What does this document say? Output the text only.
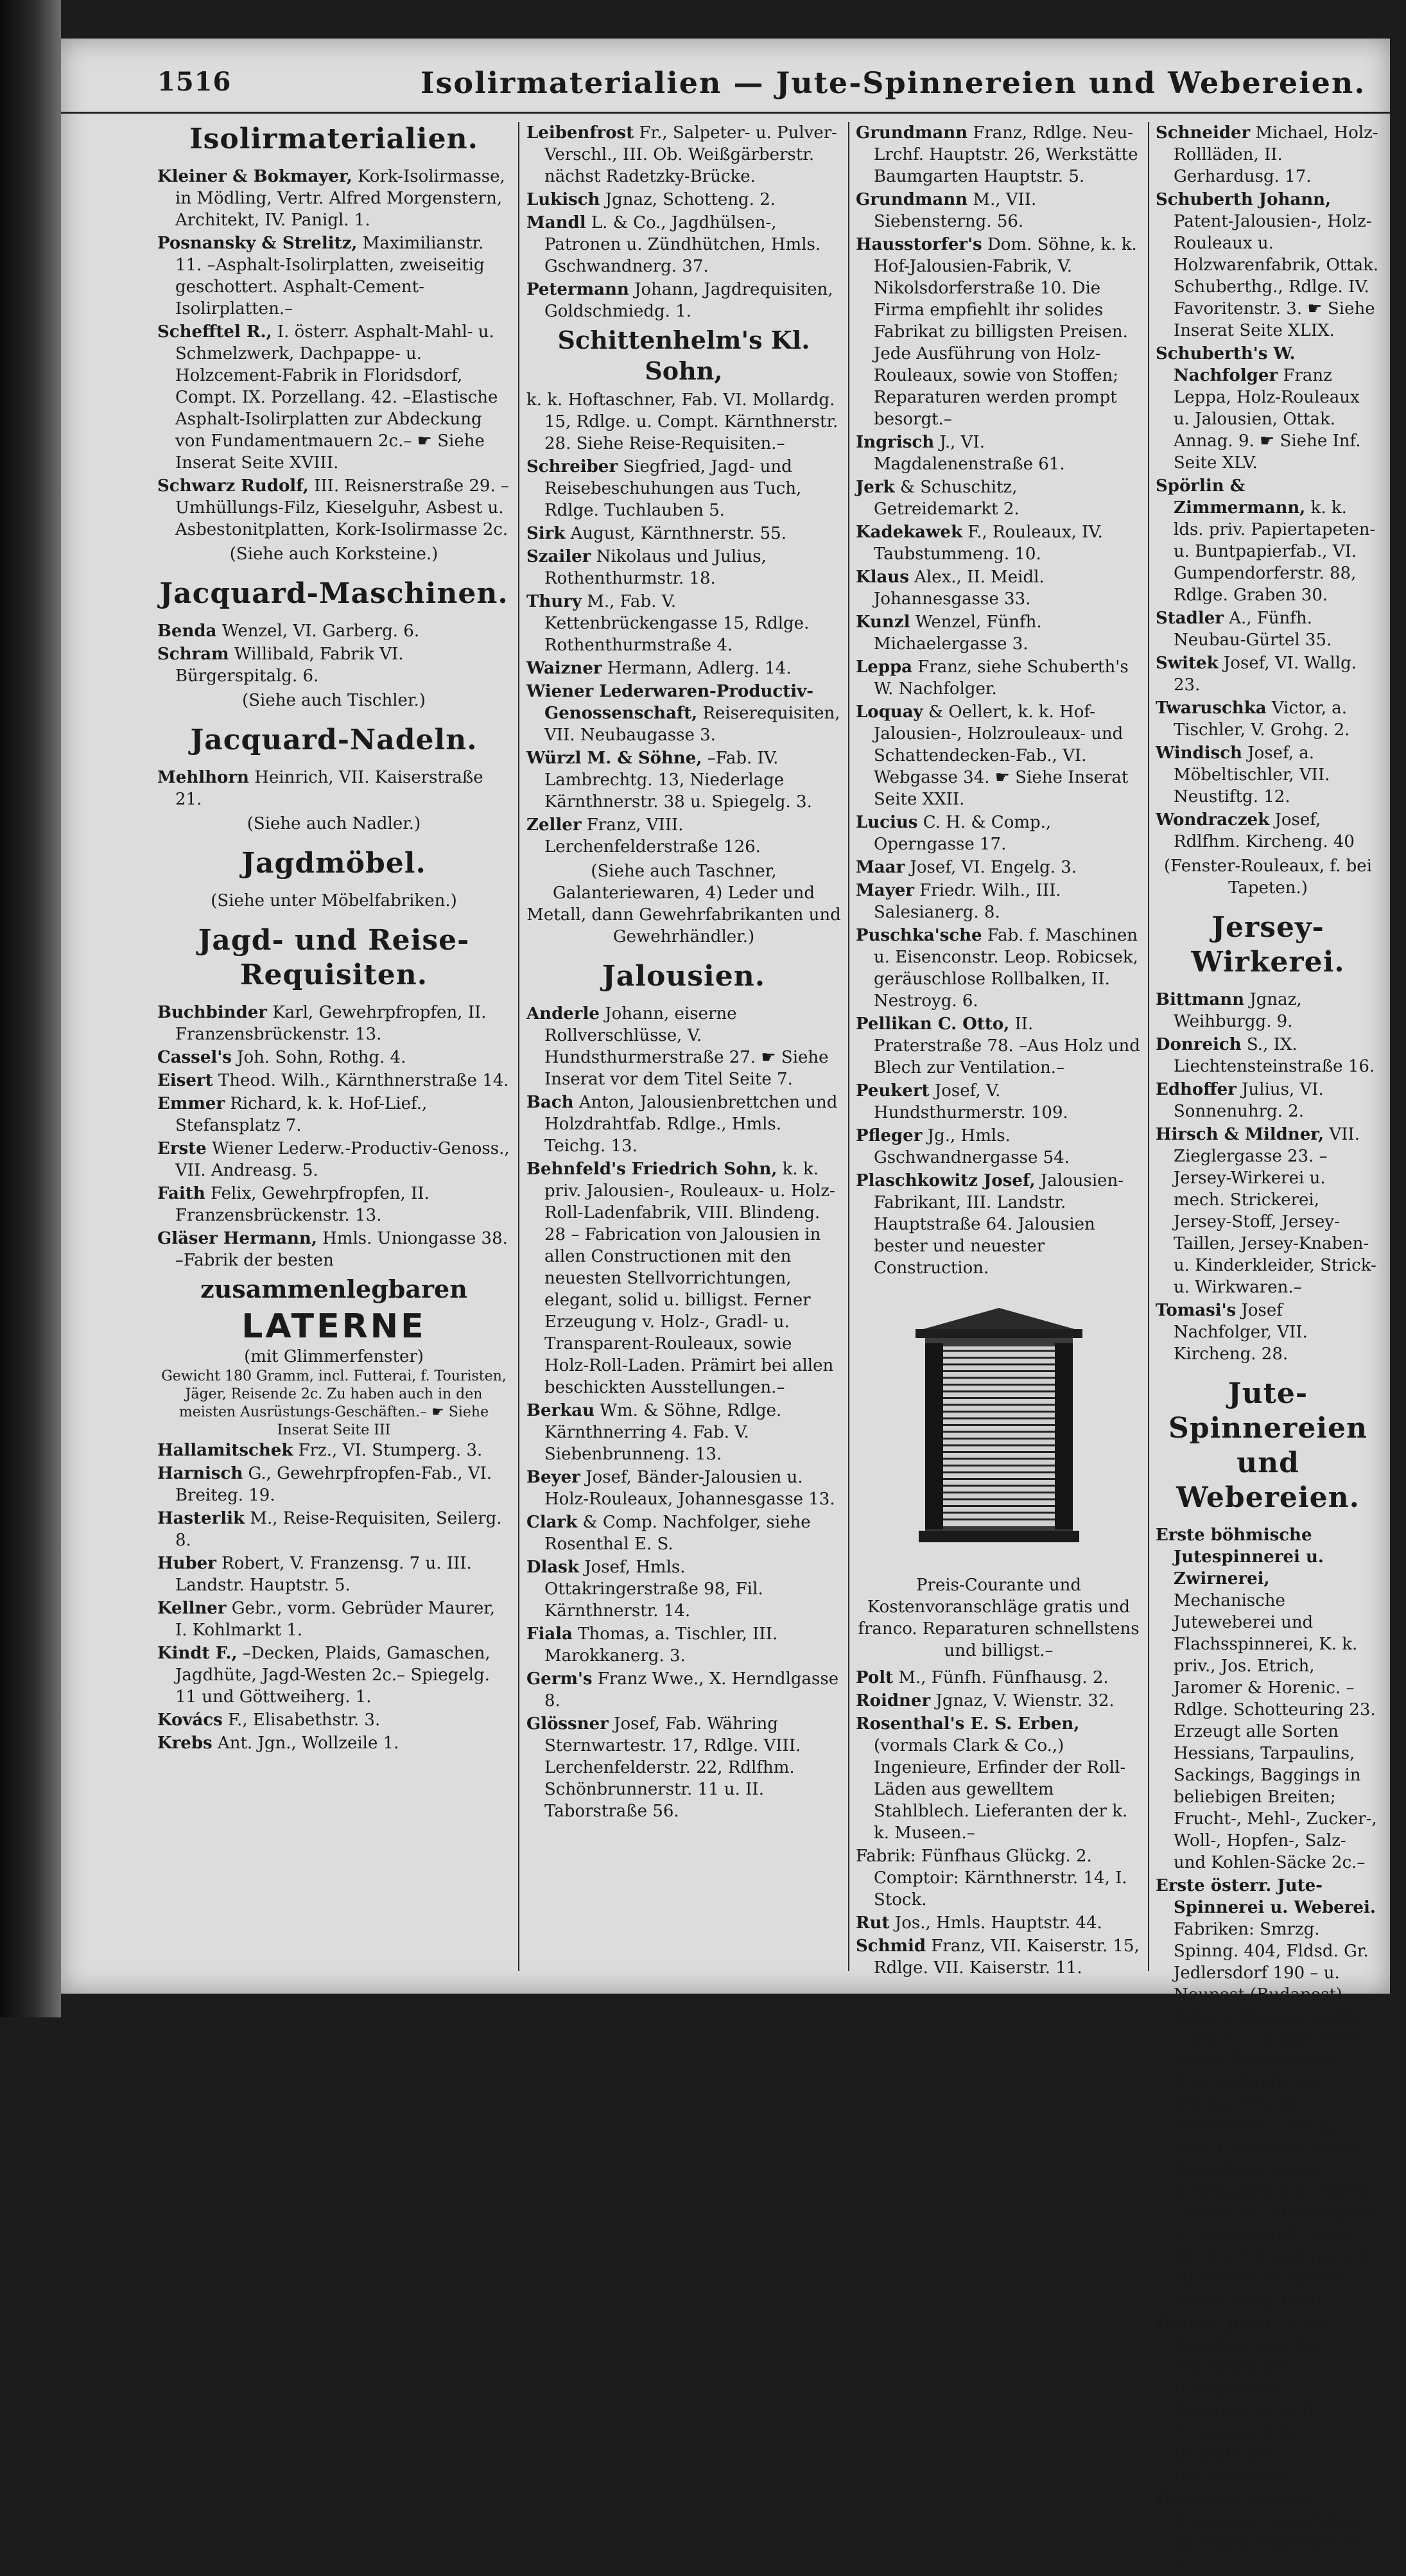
1516	Isolirmaterialien — Jute-Spinnereien und Webereien.
Isolirmaterialien.
Kleiner & Bokmayer, Kork-Isolirmasse, in Mödling, Vertr. Alfred Morgenstern, Architekt, IV. Panigl. 1.
Posnansky & Strelitz, Maximilianstr. 11. –Asphalt-Isolirplatten, zweiseitig geschottert. Asphalt-Cement-Isolirplatten.–
Schefftel R., I. österr. Asphalt-Mahl- u. Schmelzwerk, Dachpappe- u. Holzcement-Fabrik in Floridsdorf, Compt. IX. Porzellang. 42. –Elastische Asphalt-Isolirplatten zur Abdeckung von Fundamentmauern 2c.– ☛ Siehe Inserat Seite XVIII.
Schwarz Rudolf, III. Reisnerstraße 29. –Umhüllungs-Filz, Kieselguhr, Asbest u. Asbestonitplatten, Kork-Isolirmasse 2c.
(Siehe auch Korksteine.)
Jacquard-Maschinen.
Benda Wenzel, VI. Garberg. 6.
Schram Willibald, Fabrik VI. Bürgerspitalg. 6.
(Siehe auch Tischler.)
Jacquard-Nadeln.
Mehlhorn Heinrich, VII. Kaiserstraße 21.
(Siehe auch Nadler.)
Jagdmöbel.
(Siehe unter Möbelfabriken.)
Jagd- und Reise-Requisiten.
Buchbinder Karl, Gewehrpfropfen, II. Franzensbrückenstr. 13.
Cassel's Joh. Sohn, Rothg. 4.
Eisert Theod. Wilh., Kärnthnerstraße 14.
Emmer Richard, k. k. Hof-Lief., Stefansplatz 7.
Erste Wiener Lederw.-Productiv-Genoss., VII. Andreasg. 5.
Faith Felix, Gewehrpfropfen, II. Franzensbrückenstr. 13.
Gläser Hermann, Hmls. Uniongasse 38. –Fabrik der besten
zusammenlegbaren
LATERNE
(mit Glimmerfenster)
Gewicht 180 Gramm, incl. Futterai, f. Touristen, Jäger, Reisende 2c. Zu haben auch in den meisten Ausrüstungs-Geschäften.– ☛ Siehe Inserat Seite III
Hallamitschek Frz., VI. Stumperg. 3.
Harnisch G., Gewehrpfropfen-Fab., VI. Breiteg. 19.
Hasterlik M., Reise-Requisiten, Seilerg. 8.
Huber Robert, V. Franzensg. 7 u. III. Landstr. Hauptstr. 5.
Kellner Gebr., vorm. Gebrüder Maurer, I. Kohlmarkt 1.
Kindt F., –Decken, Plaids, Gamaschen, Jagdhüte, Jagd-Westen 2c.– Spiegelg. 11 und Göttweiherg. 1.
Kovács F., Elisabethstr. 3.
Krebs Ant. Jgn., Wollzeile 1.
Leibenfrost Fr., Salpeter- u. Pulver-Verschl., III. Ob. Weißgärberstr. nächst Radetzky-Brücke.
Lukisch Jgnaz, Schotteng. 2.
Mandl L. & Co., Jagdhülsen-, Patronen u. Zündhütchen, Hmls. Gschwandnerg. 37.
Petermann Johann, Jagdrequisiten, Goldschmiedg. 1.
Schittenhelm's Kl. Sohn,
k. k. Hoftaschner, Fab. VI. Mollardg. 15, Rdlge. u. Compt. Kärnthnerstr. 28. Siehe Reise-Requisiten.–
Schreiber Siegfried, Jagd- und Reisebeschuhungen aus Tuch, Rdlge. Tuchlauben 5.
Sirk August, Kärnthnerstr. 55.
Szailer Nikolaus und Julius, Rothenthurmstr. 18.
Thury M., Fab. V. Kettenbrückengasse 15, Rdlge. Rothenthurmstraße 4.
Waizner Hermann, Adlerg. 14.
Wiener Lederwaren-Productiv-Genossenschaft, Reiserequisiten, VII. Neubaugasse 3.
Würzl M. & Söhne, –Fab. IV. Lambrechtg. 13, Niederlage Kärnthnerstr. 38 u. Spiegelg. 3.
Zeller Franz, VIII. Lerchenfelderstraße 126.
(Siehe auch Taschner, Galanteriewaren, 4) Leder und Metall, dann Gewehrfabrikanten und Gewehrhändler.)
Jalousien.
Anderle Johann, eiserne Rollverschlüsse, V. Hundsthurmerstraße 27. ☛ Siehe Inserat vor dem Titel Seite 7.
Bach Anton, Jalousienbrettchen und Holzdrahtfab. Rdlge., Hmls. Teichg. 13.
Behnfeld's Friedrich Sohn, k. k. priv. Jalousien-, Rouleaux- u. Holz-Roll-Ladenfabrik, VIII. Blindeng. 28 – Fabrication von Jalousien in allen Constructionen mit den neuesten Stellvorrichtungen, elegant, solid u. billigst. Ferner Erzeugung v. Holz-, Gradl- u. Transparent-Rouleaux, sowie Holz-Roll-Laden. Prämirt bei allen beschickten Ausstellungen.–
Berkau Wm. & Söhne, Rdlge. Kärnthnerring 4. Fab. V. Siebenbrunneng. 13.
Beyer Josef, Bänder-Jalousien u. Holz-Rouleaux, Johannesgasse 13.
Clark & Comp. Nachfolger, siehe Rosenthal E. S.
Dlask Josef, Hmls. Ottakringerstraße 98, Fil. Kärnthnerstr. 14.
Fiala Thomas, a. Tischler, III. Marokkanerg. 3.
Germ's Franz Wwe., X. Herndlgasse 8.
Glössner Josef, Fab. Währing Sternwartestr. 17, Rdlge. VIII. Lerchenfelderstr. 22, Rdlfhm. Schönbrunnerstr. 11 u. II. Taborstraße 56.
Grundmann Franz, Rdlge. Neu-Lrchf. Hauptstr. 26, Werkstätte Baumgarten Hauptstr. 5.
Grundmann M., VII. Siebensterng. 56.
Hausstorfer's Dom. Söhne, k. k. Hof-Jalousien-Fabrik, V. Nikolsdorferstraße 10. Die Firma empfiehlt ihr solides Fabrikat zu billigsten Preisen. Jede Ausführung von Holz-Rouleaux, sowie von Stoffen; Reparaturen werden prompt besorgt.–
Ingrisch J., VI. Magdalenenstraße 61.
Jerk & Schuschitz, Getreidemarkt 2.
Kadekawek F., Rouleaux, IV. Taubstummeng. 10.
Klaus Alex., II. Meidl. Johannesgasse 33.
Kunzl Wenzel, Fünfh. Michaelergasse 3.
Leppa Franz, siehe Schuberth's W. Nachfolger.
Loquay & Oellert, k. k. Hof-Jalousien-, Holzrouleaux- und Schattendecken-Fab., VI. Webgasse 34. ☛ Siehe Inserat Seite XXII.
Lucius C. H. & Comp., Operngasse 17.
Maar Josef, VI. Engelg. 3.
Mayer Friedr. Wilh., III. Salesianerg. 8.
Puschka'sche Fab. f. Maschinen u. Eisenconstr. Leop. Robicsek, geräuschlose Rollbalken, II. Nestroyg. 6.
Pellikan C. Otto, II. Praterstraße 78. –Aus Holz und Blech zur Ventilation.–
Peukert Josef, V. Hundsthurmerstr. 109.
Pfleger Jg., Hmls. Gschwandnergasse 54.
Plaschkowitz Josef, Jalousien-Fabrikant, III. Landstr. Hauptstraße 64. Jalousien bester und neuester Construction.
Preis-Courante und Kostenvoranschläge gratis und franco. Reparaturen schnellstens und billigst.–
Polt M., Fünfh. Fünfhausg. 2.
Roidner Jgnaz, V. Wienstr. 32.
Rosenthal's E. S. Erben, (vormals Clark & Co.,) Ingenieure, Erfinder der Roll-Läden aus gewelltem Stahlblech. Lieferanten der k. k. Museen.–
Fabrik: Fünfhaus Glückg. 2. Comptoir: Kärnthnerstr. 14, I. Stock.
Rut Jos., Hmls. Hauptstr. 44.
Schmid Franz, VII. Kaiserstr. 15, Rdlge. VII. Kaiserstr. 11.
Schneider Michael, Holz-Rollläden, II. Gerhardusg. 17.
Schuberth Johann, Patent-Jalousien-, Holz-Rouleaux u. Holzwarenfabrik, Ottak. Schuberthg., Rdlge. IV. Favoritenstr. 3. ☛ Siehe Inserat Seite XLIX.
Schuberth's W. Nachfolger Franz Leppa, Holz-Rouleaux u. Jalousien, Ottak. Annag. 9. ☛ Siehe Inf. Seite XLV.
Spörlin & Zimmermann, k. k. lds. priv. Papiertapeten- u. Buntpapierfab., VI. Gumpendorferstr. 88, Rdlge. Graben 30.
Stadler A., Fünfh. Neubau-Gürtel 35.
Switek Josef, VI. Wallg. 23.
Twaruschka Victor, a. Tischler, V. Grohg. 2.
Windisch Josef, a. Möbeltischler, VII. Neustiftg. 12.
Wondraczek Josef, Rdlfhm. Kircheng. 40
(Fenster-Rouleaux, f. bei Tapeten.)
Jersey-Wirkerei.
Bittmann Jgnaz, Weihburgg. 9.
Donreich S., IX. Liechtensteinstraße 16.
Edhoffer Julius, VI. Sonnenuhrg. 2.
Hirsch & Mildner, VII. Zieglergasse 23. –Jersey-Wirkerei u. mech. Strickerei, Jersey-Stoff, Jersey-Taillen, Jersey-Knaben- u. Kinderkleider, Strick- u. Wirkwaren.–
Tomasi's Josef Nachfolger, VII. Kircheng. 28.
Jute-Spinnereien und Webereien.
Erste böhmische Jutespinnerei u. Zwirnerei, Mechanische Juteweberei und Flachsspinnerei, K. k. priv., Jos. Etrich, Jaromer & Horenic. –Rdlge. Schotteuring 23. Erzeugt alle Sorten Hessians, Tarpaulins, Sackings, Baggings in beliebigen Breiten; Frucht-, Mehl-, Zucker-, Woll-, Hopfen-, Salz- und Kohlen-Säcke 2c.–
Erste österr. Jute-Spinnerei u. Weberei. Fabriken: Smrzg. Spinng. 404, Fldsd. Gr. Jedlersdorf 190 – u. Neupest (Budapest), äußere Waiznerstraße, Compt. u. Rdlge. Wien Maria-Theresienstr. 22. T im Gebäude der Wiener Frucht- u. Mehlbörse. Erzeug. aller Gattungen Säcke, Emballage-Waren, Strohsackleinen, Garne, Gurten 2c. Ehrendiplom d. Weltausstell. Wien 1873 u. Ehrendiplom d. Niederöst. Gewerbe-Ausstellung 1880.–
Haider Josef, –Gen.-Repräsentant der Würbenthaler Jutespinnerei u. Weberei. M. & R. Primavesi & K. Brandhuber-Bauernmarkt 7.
Hatschek Gebrüd., Troppauer Jute-Fabrik, IX. Maria-Theresienstr. 17.
